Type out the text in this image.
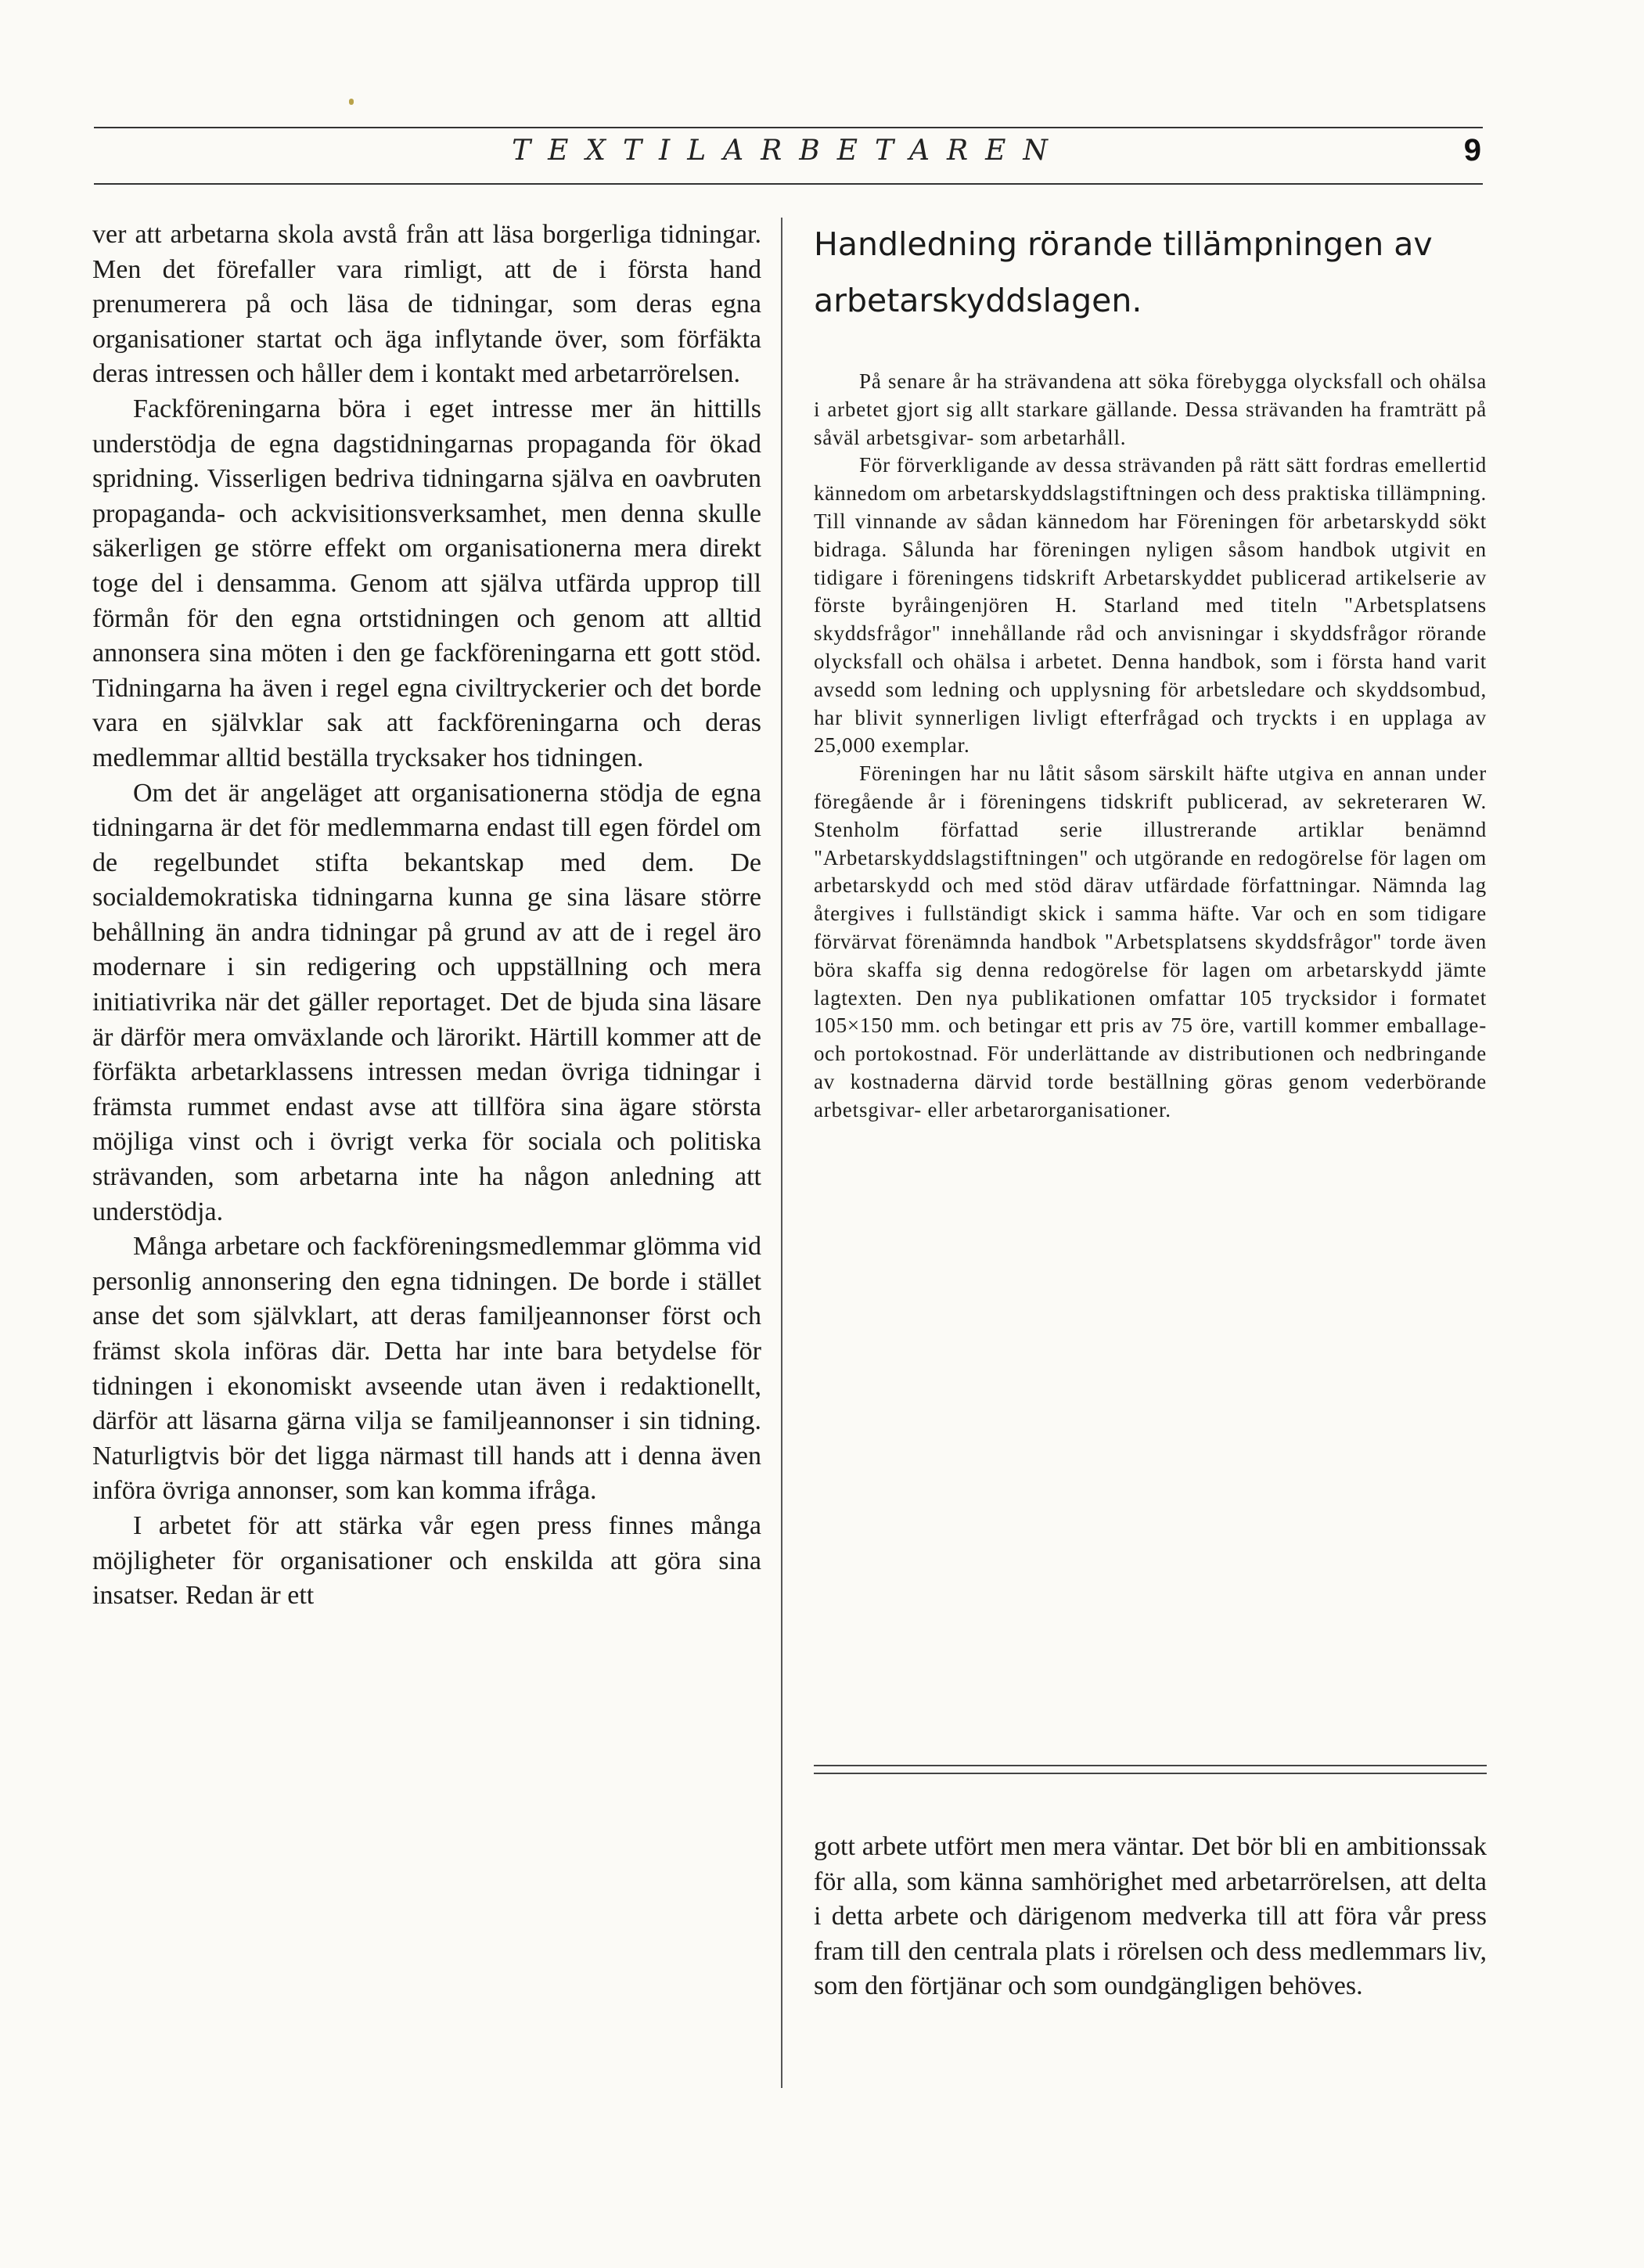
TEXTILARBETAREN	9

ver att arbetarna skola avstå från att läsa borgerliga tidningar. Men det förefaller vara rimligt, att de i första hand prenumerera på och läsa de tidningar, som deras egna organisationer startat och äga inflytande över, som förfäkta deras intressen och håller dem i kontakt med arbetarrörelsen.

Fackföreningarna böra i eget intresse mer än hittills understödja de egna dagstidningarnas propaganda för ökad spridning. Visserligen bedriva tidningarna själva en oavbruten propaganda- och ackvisitionsverksamhet, men denna skulle säkerligen ge större effekt om organisationerna mera direkt toge del i densamma. Genom att själva utfärda upprop till förmån för den egna ortstidningen och genom att alltid annonsera sina möten i den ge fackföreningarna ett gott stöd. Tidningarna ha även i regel egna civiltryckerier och det borde vara en självklar sak att fackföreningarna och deras medlemmar alltid beställa trycksaker hos tidningen.

Om det är angeläget att organisationerna stödja de egna tidningarna är det för medlemmarna endast till egen fördel om de regelbundet stifta bekantskap med dem. De socialdemokratiska tidningarna kunna ge sina läsare större behållning än andra tidningar på grund av att de i regel äro modernare i sin redigering och uppställning och mera initiativrika när det gäller reportaget. Det de bjuda sina läsare är därför mera omväxlande och lärorikt. Härtill kommer att de förfäkta arbetarklassens intressen medan övriga tidningar i främsta rummet endast avse att tillföra sina ägare största möjliga vinst och i övrigt verka för sociala och politiska strävanden, som arbetarna inte ha någon anledning att understödja.

Många arbetare och fackföreningsmedlemmar glömma vid personlig annonsering den egna tidningen. De borde i stället anse det som självklart, att deras familjeannonser först och främst skola införas där. Detta har inte bara betydelse för tidningen i ekonomiskt avseende utan även i redaktionellt, därför att läsarna gärna vilja se familjeannonser i sin tidning. Naturligtvis bör det ligga närmast till hands att i denna även införa övriga annonser, som kan komma ifråga.

I arbetet för att stärka vår egen press finnes många möjligheter för organisationer och enskilda att göra sina insatser. Redan är ett

Handledning rörande tillämpningen av arbetarskyddslagen.

På senare år ha strävandena att söka förebygga olycksfall och ohälsa i arbetet gjort sig allt starkare gällande. Dessa strävanden ha framträtt på såväl arbetsgivar- som arbetarhåll.

För förverkligande av dessa strävanden på rätt sätt fordras emellertid kännedom om arbetarskyddslagstiftningen och dess praktiska tillämpning. Till vinnande av sådan kännedom har Föreningen för arbetarskydd sökt bidraga. Sålunda har föreningen nyligen såsom handbok utgivit en tidigare i föreningens tidskrift Arbetarskyddet publicerad artikelserie av förste byråingenjören H. Starland med titeln "Arbetsplatsens skyddsfrågor" innehållande råd och anvisningar i skyddsfrågor rörande olycksfall och ohälsa i arbetet. Denna handbok, som i första hand varit avsedd som ledning och upplysning för arbetsledare och skyddsombud, har blivit synnerligen livligt efterfrågad och tryckts i en upplaga av 25,000 exemplar.

Föreningen har nu låtit såsom särskilt häfte utgiva en annan under föregående år i föreningens tidskrift publicerad, av sekreteraren W. Stenholm författad serie illustrerande artiklar benämnd "Arbetarskyddslagstiftningen" och utgörande en redogörelse för lagen om arbetarskydd och med stöd därav utfärdade författningar. Nämnda lag återgives i fullständigt skick i samma häfte. Var och en som tidigare förvärvat förenämnda handbok "Arbetsplatsens skyddsfrågor" torde även böra skaffa sig denna redogörelse för lagen om arbetarskydd jämte lagtexten. Den nya publikationen omfattar 105 trycksidor i formatet 105×150 mm. och betingar ett pris av 75 öre, vartill kommer emballage- och portokostnad. För underlättande av distributionen och nedbringande av kostnaderna därvid torde beställning göras genom vederbörande arbetsgivar- eller arbetarorganisationer.

gott arbete utfört men mera väntar. Det bör bli en ambitionssak för alla, som känna samhörighet med arbetarrörelsen, att delta i detta arbete och därigenom medverka till att föra vår press fram till den centrala plats i rörelsen och dess medlemmars liv, som den förtjänar och som oundgängligen behöves.
